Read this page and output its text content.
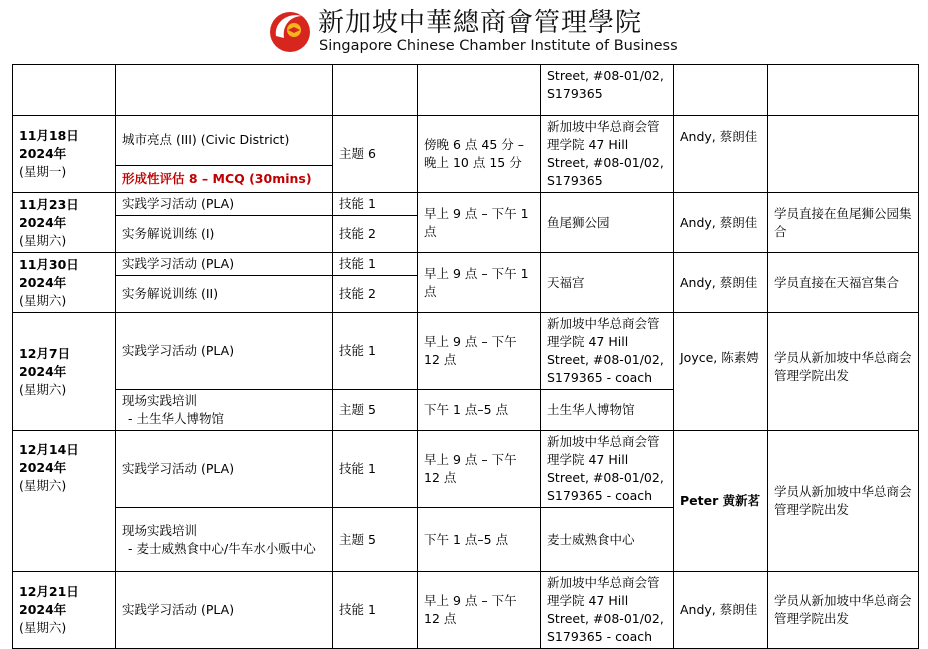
新加坡中華總商會管理學院
Singapore Chinese Chamber Institute of Business
				Street, #08-01/02, S179365		

11月18日
2024年
(星期一)	城市亮点 (III) (Civic District)	主题 6	傍晚 6 点 45 分 – 晚上 10 点 15 分	新加坡中华总商会管理学院 47 Hill Street, #08-01/02, S179365	Andy, 蔡朗佳	
	形成性评估 8 – MCQ (30mins)					

11月23日
2024年
(星期六)	实践学习活动 (PLA)	技能 1	早上 9 点 – 下午 1 点	鱼尾狮公园	Andy, 蔡朗佳	学员直接在鱼尾狮公园集合
	实务解说训练 (I)	技能 2				

11月30日
2024年
(星期六)	实践学习活动 (PLA)	技能 1	早上 9 点 – 下午 1 点	天福宫	Andy, 蔡朗佳	学员直接在天福宫集合
	实务解说训练 (II)	技能 2				

12月7日
2024年
(星期六)	实践学习活动 (PLA)	技能 1	早上 9 点 – 下午 12 点	新加坡中华总商会管理学院 47 Hill Street, #08-01/02, S179365 - coach	Joyce, 陈素娉	学员从新加坡中华总商会管理学院出发

	现场实践培训
- 土生华人博物馆	主题 5	下午 1 点–5 点	土生华人博物馆		

12月14日
2024年
(星期六)	实践学习活动 (PLA)	技能 1	早上 9 点 – 下午 12 点	新加坡中华总商会管理学院 47 Hill Street, #08-01/02, S179365 - coach	Peter 黄新茗	学员从新加坡中华总商会管理学院出发

	现场实践培训
- 麦士威熟食中心/牛车水小贩中心	主题 5	下午 1 点–5 点	麦士威熟食中心		

12月21日
2024年
(星期六)	实践学习活动 (PLA)	技能 1	早上 9 点 – 下午 12 点	新加坡中华总商会管理学院 47 Hill Street, #08-01/02, S179365 - coach	Andy, 蔡朗佳	学员从新加坡中华总商会管理学院出发
